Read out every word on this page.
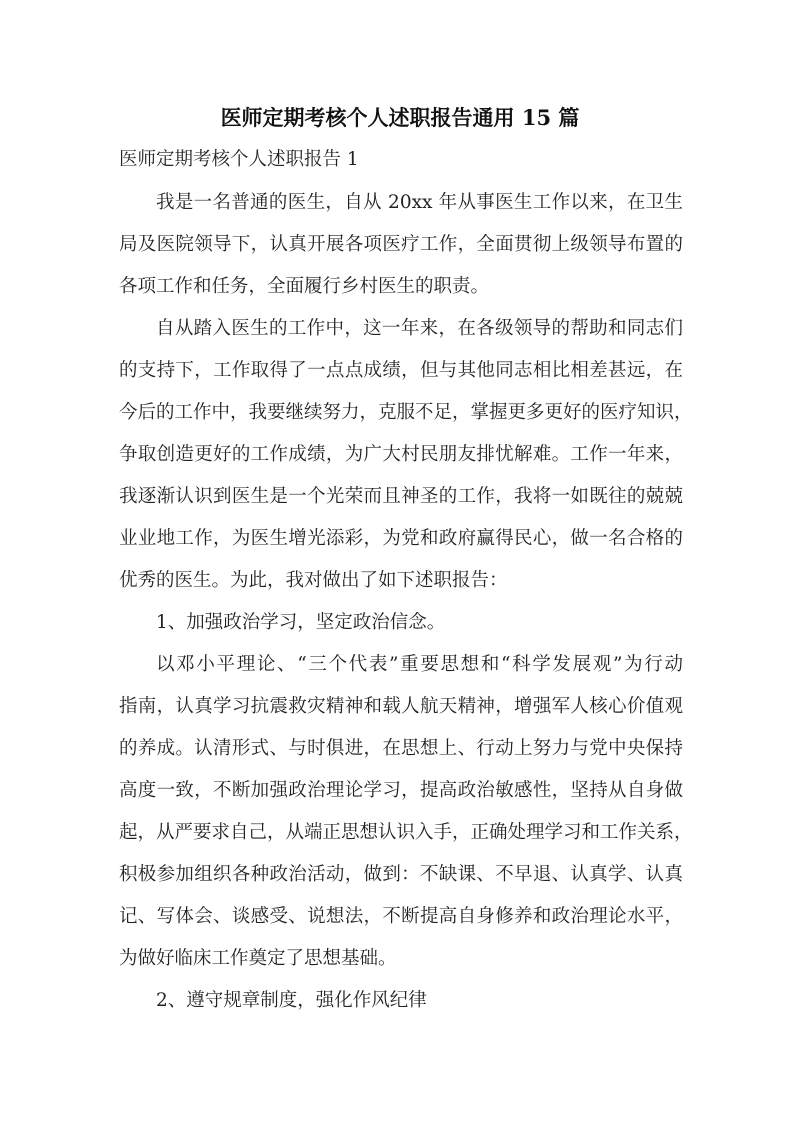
医师定期考核个人述职报告通用 15 篇
医师定期考核个人述职报告 1
我是一名普通的医生，自从 20xx 年从事医生工作以来，在卫生
局及医院领导下，认真开展各项医疗工作，全面贯彻上级领导布置的
各项工作和任务，全面履行乡村医生的职责。
自从踏入医生的工作中，这一年来，在各级领导的帮助和同志们
的支持下，工作取得了一点点成绩，但与其他同志相比相差甚远，在
今后的工作中，我要继续努力，克服不足，掌握更多更好的医疗知识，
争取创造更好的工作成绩，为广大村民朋友排忧解难。工作一年来，
我逐渐认识到医生是一个光荣而且神圣的工作，我将一如既往的兢兢
业业地工作，为医生增光添彩，为党和政府赢得民心，做一名合格的
优秀的医生。为此，我对做出了如下述职报告：
1、加强政治学习，坚定政治信念。
以邓小平理论、“三个代表”重要思想和“科学发展观”为行动
指南，认真学习抗震救灾精神和载人航天精神，增强军人核心价值观
的养成。认清形式、与时俱进，在思想上、行动上努力与党中央保持
高度一致，不断加强政治理论学习，提高政治敏感性，坚持从自身做
起，从严要求自己，从端正思想认识入手，正确处理学习和工作关系，
积极参加组织各种政治活动，做到：不缺课、不早退、认真学、认真
记、写体会、谈感受、说想法，不断提高自身修养和政治理论水平，
为做好临床工作奠定了思想基础。
2、遵守规章制度，强化作风纪律
